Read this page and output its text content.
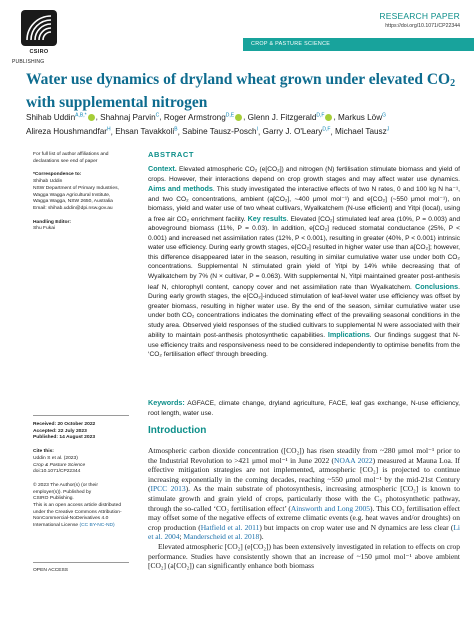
CSIRO
PUBLISHING
RESEARCH PAPER
https://doi.org/10.1071/CP22344
CROP & PASTURE SCIENCE
Water use dynamics of dryland wheat grown under elevated $CO_2$ with supplemental nitrogen
Shihab Uddin$^{A,B,*}$ , Shahnaj Parvin$^C$, Roger Armstrong$^{D,E}$ , Glenn J. Fitzgerald$^{D,F}$ , Markus Löw$^G$
Alireza Houshmandfar$^H$, Ehsan Tavakkoli$^B$, Sabine Tausz-Posch$^I$, Garry J. O'Leary$^{D,F}$, Michael Tausz$^J$
For full list of author affiliations and declarations see end of paper
*Correspondence to:
Shihab Uddin
NSW Department of Primary Industries,
Wagga Wagga Agricultural Institute,
Wagga Wagga, NSW 2650, Australia
Email: shihab.uddin@dpi.nsw.gov.au
Handling Editor:
Shu Fukai
Received: 20 October 2022
Accepted: 22 July 2023
Published: 14 August 2023
Cite this:
Uddin S et al. (2023)
Crop & Pasture Science
doi:10.1071/CP22344
© 2023 The Author(s) (or their
employer(s)). Published by
CSIRO Publishing.
This is an open access article distributed
under the Creative Commons Attribution-
NonCommercial-NoDerivatives 4.0
International License (CC BY-NC-ND)
OPEN ACCESS
ABSTRACT
Context. Elevated atmospheric CO₂ (e[CO₂]) and nitrogen (N) fertilisation stimulate biomass and yield of crops. However, their interactions depend on crop growth stages and may affect water use dynamics. Aims and methods. This study investigated the interactive effects of two N rates, 0 and 100 kg N ha⁻¹, and two CO₂ concentrations, ambient (a[CO₂], ~400 μmol mol⁻¹) and e[CO₂] (~550 μmol mol⁻¹), on biomass, yield and water use of two wheat cultivars, Wyalkatchem (N-use efficient) and Yitpi (local), using a free air CO₂ enrichment facility. Key results. Elevated [CO₂] stimulated leaf area (10%, P = 0.003) and aboveground biomass (11%, P = 0.03). In addition, e[CO₂] reduced stomatal conductance (25%, P < 0.001) and increased net assimilation rates (12%, P < 0.001), resulting in greater (40%, P < 0.001) intrinsic water use efficiency. During early growth stages, e[CO₂] resulted in higher water use than a[CO₂]; however, this difference disappeared later in the season, resulting in similar cumulative water use under both CO₂ concentrations. Supplemental N stimulated grain yield of Yitpi by 14% while decreasing that of Wyalkatchem by 7% (N × cultivar, P = 0.063). With supplemental N, Yitpi maintained greater post-anthesis leaf N, chlorophyll content, canopy cover and net assimilation rate than Wyalkatchem. Conclusions. During early growth stages, the e[CO₂]-induced stimulation of leaf-level water use efficiency was offset by greater biomass, resulting in higher water use. By the end of the season, similar cumulative water use under both CO₂ concentrations indicates the dominating effect of the prevailing seasonal conditions in the study area. Observed yield responses of the studied cultivars to supplemental N were associated with their ability to maintain post-anthesis photosynthetic capabilities. Implications. Our findings suggest that N-use efficiency traits and responsiveness need to be considered independently to optimise benefits from the ‘CO₂ fertilisation effect’ through breeding.
Keywords: AGFACE, climate change, dryland agriculture, FACE, leaf gas exchange, N-use efficiency, root length, water use.
Introduction

Atmospheric carbon dioxide concentration ([CO₂]) has risen steadily from ~280 μmol mol⁻¹ prior to the Industrial Revolution to >421 μmol mol⁻¹ in June 2022 (NOAA 2022) measured at Mauna Loa. If effective mitigation strategies are not implemented, atmospheric [CO₂] is projected to continue increasing exponentially in the coming decades, reaching ~550 μmol mol⁻¹ by the mid-21st Century (IPCC 2013). As the main substrate of photosynthesis, increasing atmospheric [CO₂] is known to stimulate growth and grain yield of crops, particularly those with the C₃ photosynthetic pathway, through the so-called ‘CO₂ fertilisation effect’ (Ainsworth and Long 2005). This CO₂ fertilisation effect may offset some of the negative effects of extreme climatic events (e.g. heat waves and/or droughts) on crop production (Hatfield et al. 2011) but impacts on crop water use and N dynamics are less clear (Li et al. 2004; Manderscheid et al. 2018).

Elevated atmospheric [CO₂] (e[CO₂]) has been extensively investigated in relation to effects on crop performance. Studies have consistently shown that an increase of ~150 μmol mol⁻¹ above ambient [CO₂] (a[CO₂]) can significantly enhance both biomass
